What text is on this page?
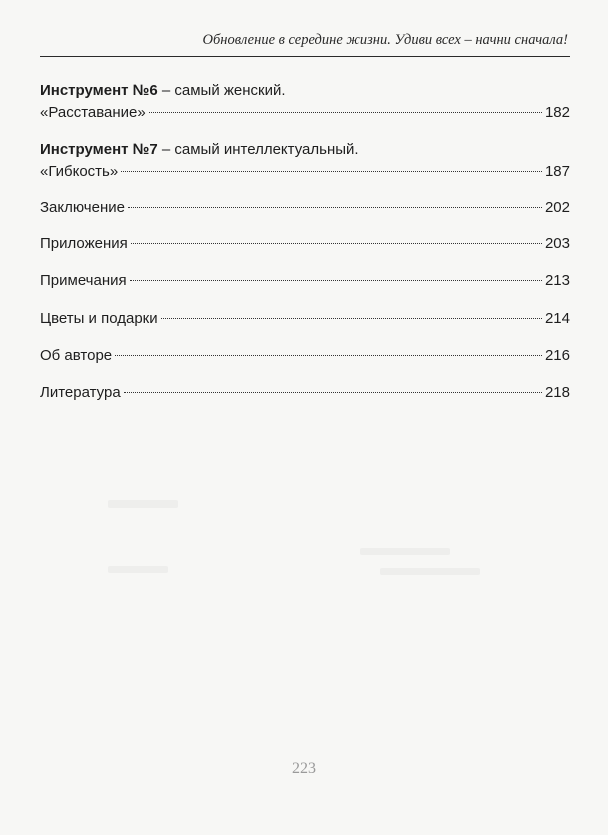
Обновление в середине жизни. Удиви всех – начни сначала!
Инструмент №6 – самый женский.
«Расставание»	182
Инструмент №7 – самый интеллектуальный.
«Гибкость»	187
Заключение	202
Приложения	203
Примечания	213
Цветы и подарки	214
Об авторе	216
Литература	218
223
